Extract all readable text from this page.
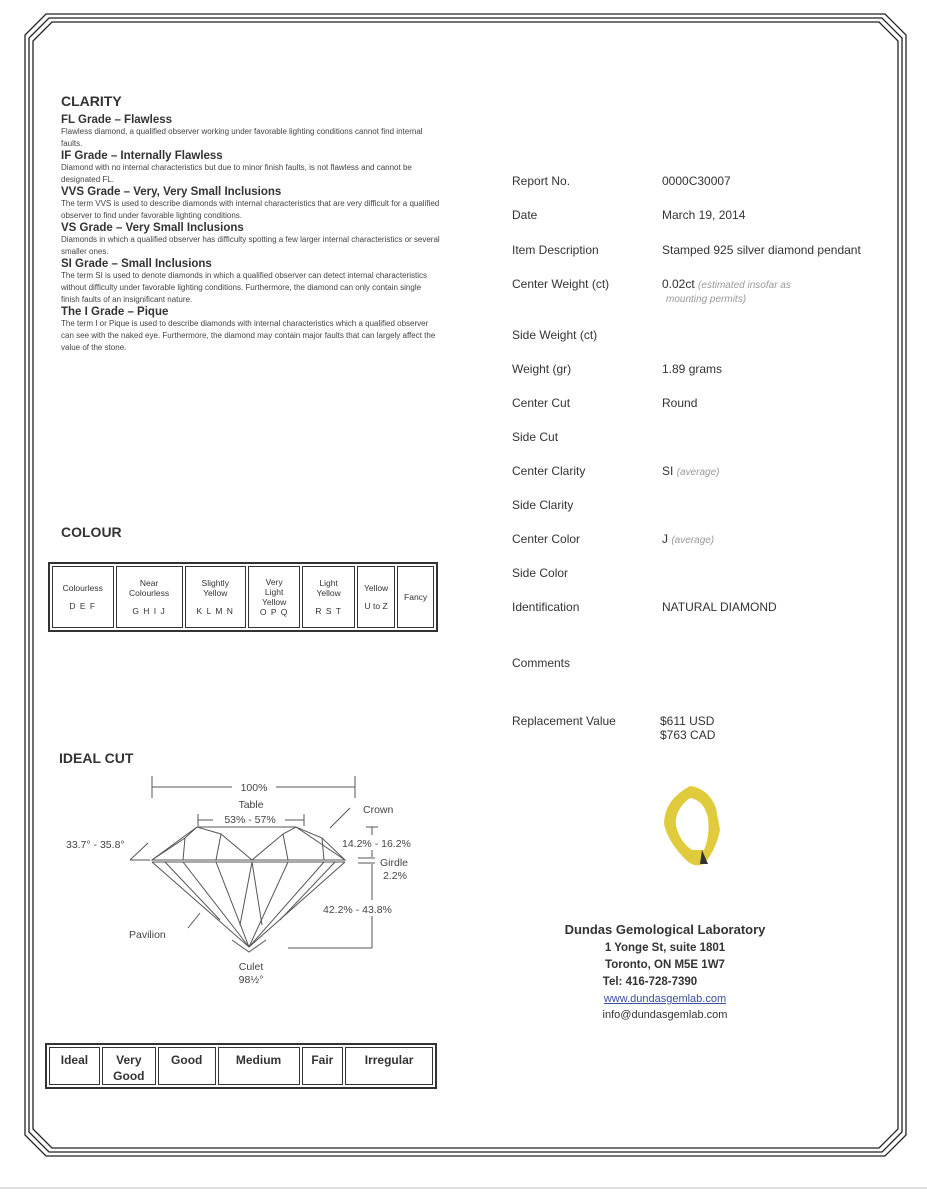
CLARITY
FL Grade – Flawless
Flawless diamond, a qualified observer working under favorable lighting conditions cannot find internal faults.
IF Grade – Internally Flawless
Diamond with no internal characteristics but due to minor finish faults, is not flawless and cannot be designated FL.
VVS Grade – Very, Very Small Inclusions
The term VVS is used to describe diamonds with internal characteristics that are very difficult for a qualified observer to find under favorable lighting conditions.
VS Grade – Very Small Inclusions
Diamonds in which a qualified observer has difficulty spotting a few larger internal characteristics or several smaller ones.
SI Grade – Small Inclusions
The term SI is used to denote diamonds in which a qualified observer can detect internal characteristics without difficulty under favorable lighting conditions. Furthermore, the diamond can only contain single finish faults of an insignificant nature.
The I Grade – Pique
The term I or Pique is used to describe diamonds with internal characteristics which a qualified observer can see with the naked eye. Furthermore, the diamond may contain major faults that can largely affect the value of the stone.
COLOUR
Colourless
D E F

Near Colourless
G H I J

Slightly Yellow
K L M N

Very Light Yellow
O P Q

Light Yellow
R S T

Yellow
U to Z

Fancy
IDEAL CUT
100%
Table
53% - 57%
Crown
33.7° - 35.8°	14.2% - 16.2%
Girdle
2.2%
42.2% - 43.8%
Pavilion
Culet
98½°
Ideal	Very Good	Good	Medium	Fair	Irregular
Report No.	0000C30007
Date	March 19, 2014
Item Description	Stamped 925 silver diamond pendant
Center Weight (ct)	0.02ct (estimated insofar as
mounting permits)
Side Weight (ct)
Weight (gr)	1.89 grams
Center Cut	Round
Side Cut
Center Clarity	SI (average)
Side Clarity
Center Color	J (average)
Side Color
Identification	NATURAL DIAMOND
Comments
Replacement Value	$611 USD
$763 CAD
Dundas Gemological Laboratory
1 Yonge St, suite 1801
Toronto, ON M5E 1W7
Tel: 416-728-7390
www.dundasgemlab.com
info@dundasgemlab.com
